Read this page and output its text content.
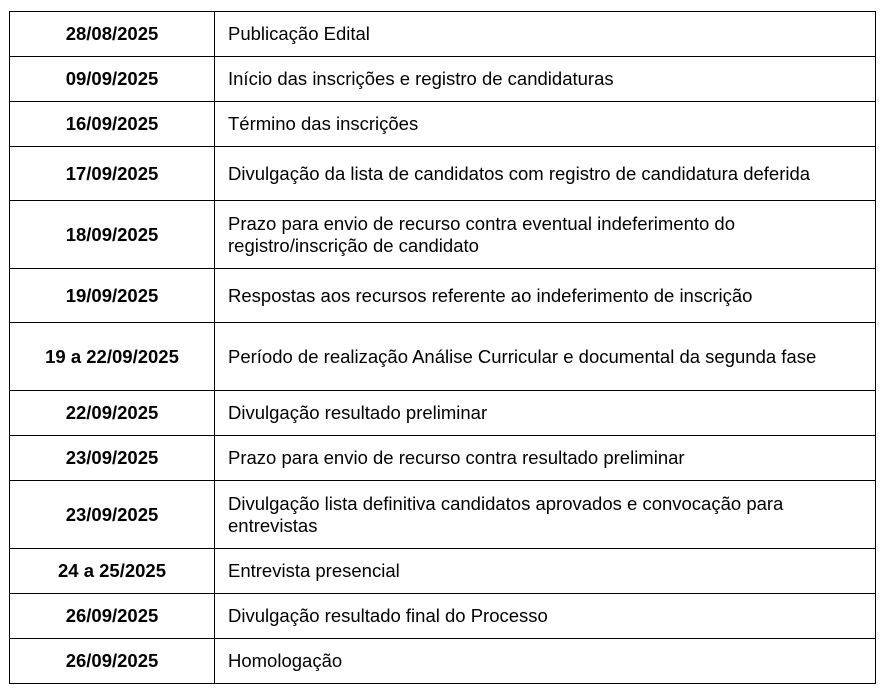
28/08/2025	Publicação Edital
09/09/2025	Início das inscrições e registro de candidaturas
16/09/2025	Término das inscrições
17/09/2025	Divulgação da lista de candidatos com registro de candidatura deferida
18/09/2025	Prazo para envio de recurso contra eventual indeferimento do registro/inscrição de candidato
19/09/2025	Respostas aos recursos referente ao indeferimento de inscrição
19 a 22/09/2025	Período de realização Análise Curricular e documental da segunda fase
22/09/2025	Divulgação resultado preliminar
23/09/2025	Prazo para envio de recurso contra resultado preliminar
23/09/2025	Divulgação lista definitiva candidatos aprovados e convocação para entrevistas
24 a 25/2025	Entrevista presencial
26/09/2025	Divulgação resultado final do Processo
26/09/2025	Homologação
